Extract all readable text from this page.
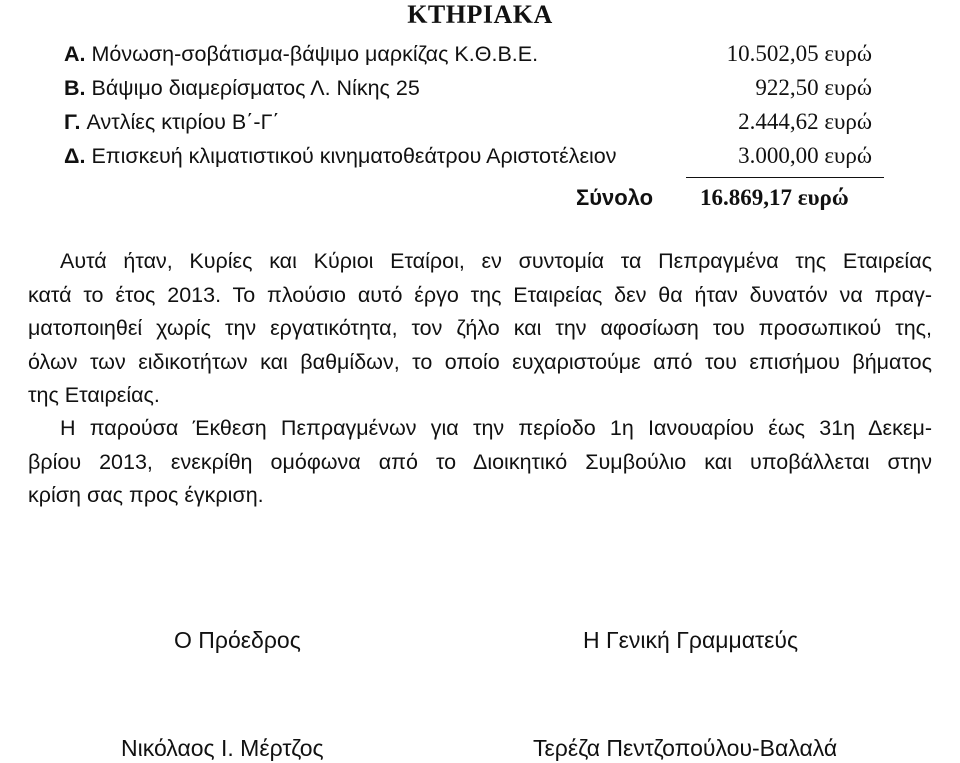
ΚΤΗΡΙΑΚΑ
Α. Μόνωση-σοβάτισμα-βάψιμο μαρκίζας Κ.Θ.Β.Ε.	10.502,05 ευρώ
Β. Βάψιμο διαμερίσματος Λ. Νίκης 25	922,50 ευρώ
Γ. Αντλίες κτιρίου Β΄-Γ΄	2.444,62 ευρώ
Δ. Επισκευή κλιματιστικού κινηματοθεάτρου Αριστοτέλειον	3.000,00 ευρώ
Σύνολο 16.869,17 ευρώ
Αυτά ήταν, Κυρίες και Κύριοι Εταίροι, εν συντομία τα Πεπραγμένα της Εταιρείας
κατά το έτος 2013. Το πλούσιο αυτό έργο της Εταιρείας δεν θα ήταν δυνατόν να πραγ-
ματοποιηθεί χωρίς την εργατικότητα, τον ζήλο και την αφοσίωση του προσωπικού της,
όλων των ειδικοτήτων και βαθμίδων, το οποίο ευχαριστούμε από του επισήμου βήματος
της Εταιρείας.
Η παρούσα Έκθεση Πεπραγμένων για την περίοδο 1η Ιανουαρίου έως 31η Δεκεμ-
βρίου 2013, ενεκρίθη ομόφωνα από το Διοικητικό Συμβούλιο και υποβάλλεται στην
κρίση σας προς έγκριση.
Ο Πρόεδρος	Η Γενική Γραμματεύς
Νικόλαος Ι. Μέρτζος	Τερέζα Πεντζοπούλου-Βαλαλά
